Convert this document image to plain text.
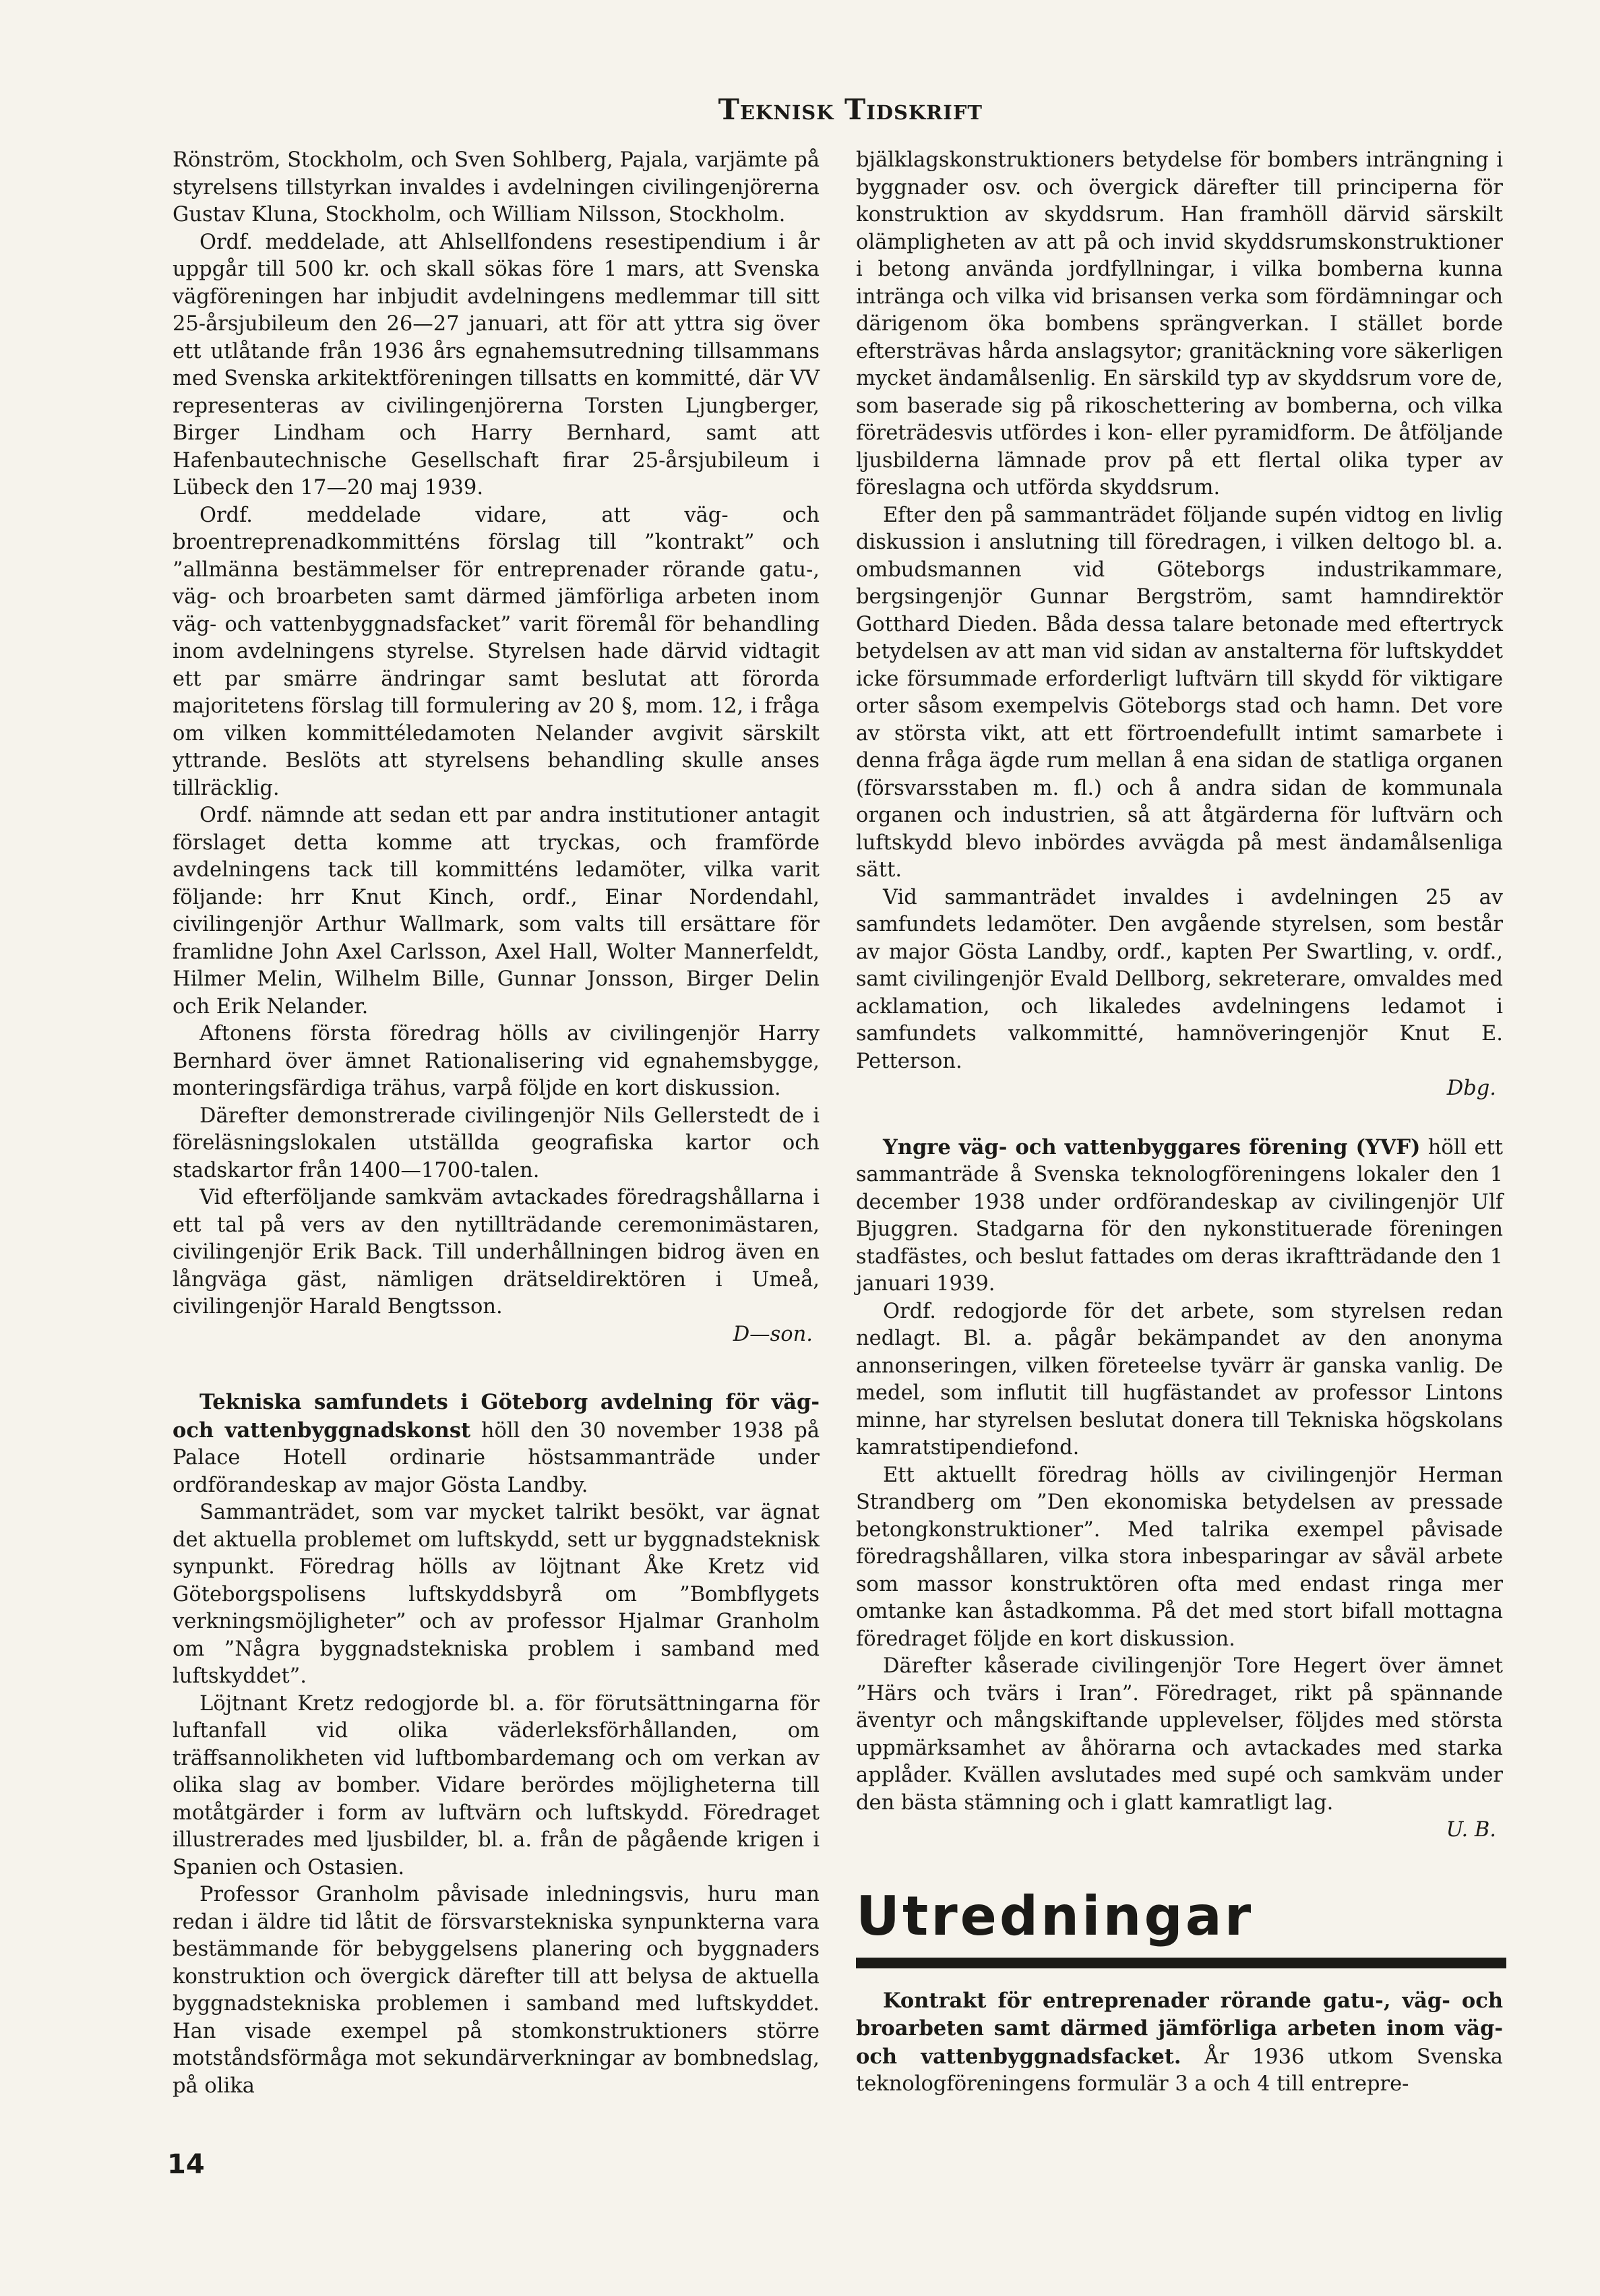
Teknisk Tidskrift

Rönström, Stockholm, och Sven Sohlberg, Pajala, varjämte på styrelsens tillstyrkan invaldes i avdelningen civilingenjörerna Gustav Kluna, Stockholm, och William Nilsson, Stockholm.

Ordf. meddelade, att Ahlsellfondens resestipendium i år uppgår till 500 kr. och skall sökas före 1 mars, att Svenska vägföreningen har inbjudit avdelningens medlemmar till sitt 25-årsjubileum den 26—27 januari, att för att yttra sig över ett utlåtande från 1936 års egnahemsutredning tillsammans med Svenska arkitektföreningen tillsatts en kommitté, där VV representeras av civilingenjörerna Torsten Ljungberger, Birger Lindham och Harry Bernhard, samt att Hafenbautechnische Gesellschaft firar 25-årsjubileum i Lübeck den 17—20 maj 1939.

Ordf. meddelade vidare, att väg- och broentreprenadkommitténs förslag till ”kontrakt” och ”allmänna bestämmelser för entreprenader rörande gatu-, väg- och broarbeten samt därmed jämförliga arbeten inom väg- och vattenbyggnadsfacket” varit föremål för behandling inom avdelningens styrelse. Styrelsen hade därvid vidtagit ett par smärre ändringar samt beslutat att förorda majoritetens förslag till formulering av 20 §, mom. 12, i fråga om vilken kommittéledamoten Nelander avgivit särskilt yttrande. Beslöts att styrelsens behandling skulle anses tillräcklig.

Ordf. nämnde att sedan ett par andra institutioner antagit förslaget detta komme att tryckas, och framförde avdelningens tack till kommitténs ledamöter, vilka varit följande: hrr Knut Kinch, ordf., Einar Nordendahl, civilingenjör Arthur Wallmark, som valts till ersättare för framlidne John Axel Carlsson, Axel Hall, Wolter Mannerfeldt, Hilmer Melin, Wilhelm Bille, Gunnar Jonsson, Birger Delin och Erik Nelander.

Aftonens första föredrag hölls av civilingenjör Harry Bernhard över ämnet Rationalisering vid egnahemsbygge, monteringsfärdiga trähus, varpå följde en kort diskussion.

Därefter demonstrerade civilingenjör Nils Gellerstedt de i föreläsningslokalen utställda geografiska kartor och stadskartor från 1400—1700-talen.

Vid efterföljande samkväm avtackades föredragshållarna i ett tal på vers av den nytillträdande ceremonimästaren, civilingenjör Erik Back. Till underhållningen bidrog även en långväga gäst, nämligen drätseldirektören i Umeå, civilingenjör Harald Bengtsson.

D—son.

Tekniska samfundets i Göteborg avdelning för väg- och vattenbyggnadskonst höll den 30 november 1938 på Palace Hotell ordinarie höstsammanträde under ordförandeskap av major Gösta Landby.

Sammanträdet, som var mycket talrikt besökt, var ägnat det aktuella problemet om luftskydd, sett ur byggnadsteknisk synpunkt. Föredrag hölls av löjtnant Åke Kretz vid Göteborgspolisens luftskyddsbyrå om ”Bombflygets verkningsmöjligheter” och av professor Hjalmar Granholm om ”Några byggnadstekniska problem i samband med luftskyddet”.

Löjtnant Kretz redogjorde bl. a. för förutsättningarna för luftanfall vid olika väderleksförhållanden, om träffsannolikheten vid luftbombardemang och om verkan av olika slag av bomber. Vidare berördes möjligheterna till motåtgärder i form av luftvärn och luftskydd. Föredraget illustrerades med ljusbilder, bl. a. från de pågående krigen i Spanien och Ostasien.

Professor Granholm påvisade inledningsvis, huru man redan i äldre tid låtit de försvarstekniska synpunkterna vara bestämmande för bebyggelsens planering och byggnaders konstruktion och övergick därefter till att belysa de aktuella byggnadstekniska problemen i samband med luftskyddet. Han visade exempel på stomkonstruktioners större motståndsförmåga mot sekundärverkningar av bombnedslag, på olika

bjälklagskonstruktioners betydelse för bombers inträngning i byggnader osv. och övergick därefter till principerna för konstruktion av skyddsrum. Han framhöll därvid särskilt olämpligheten av att på och invid skyddsrumskonstruktioner i betong använda jordfyllningar, i vilka bomberna kunna intränga och vilka vid brisansen verka som fördämningar och därigenom öka bombens sprängverkan. I stället borde eftersträvas hårda anslagsytor; granitäckning vore säkerligen mycket ändamålsenlig. En särskild typ av skyddsrum vore de, som baserade sig på rikoschettering av bomberna, och vilka företrädesvis utfördes i kon- eller pyramidform. De åtföljande ljusbilderna lämnade prov på ett flertal olika typer av föreslagna och utförda skyddsrum.

Efter den på sammanträdet följande supén vidtog en livlig diskussion i anslutning till föredragen, i vilken deltogo bl. a. ombudsmannen vid Göteborgs industrikammare, bergsingenjör Gunnar Bergström, samt hamndirektör Gotthard Dieden. Båda dessa talare betonade med eftertryck betydelsen av att man vid sidan av anstalterna för luftskyddet icke försummade erforderligt luftvärn till skydd för viktigare orter såsom exempelvis Göteborgs stad och hamn. Det vore av största vikt, att ett förtroendefullt intimt samarbete i denna fråga ägde rum mellan å ena sidan de statliga organen (försvarsstaben m. fl.) och å andra sidan de kommunala organen och industrien, så att åtgärderna för luftvärn och luftskydd blevo inbördes avvägda på mest ändamålsenliga sätt.

Vid sammanträdet invaldes i avdelningen 25 av samfundets ledamöter. Den avgående styrelsen, som består av major Gösta Landby, ordf., kapten Per Swartling, v. ordf., samt civilingenjör Evald Dellborg, sekreterare, omvaldes med acklamation, och likaledes avdelningens ledamot i samfundets valkommitté, hamnöveringenjör Knut E. Petterson.

Dbg.

Yngre väg- och vattenbyggares förening (YVF) höll ett sammanträde å Svenska teknologföreningens lokaler den 1 december 1938 under ordförandeskap av civilingenjör Ulf Bjuggren. Stadgarna för den nykonstituerade föreningen stadfästes, och beslut fattades om deras ikraftträdande den 1 januari 1939.

Ordf. redogjorde för det arbete, som styrelsen redan nedlagt. Bl. a. pågår bekämpandet av den anonyma annonseringen, vilken företeelse tyvärr är ganska vanlig. De medel, som influtit till hugfästandet av professor Lintons minne, har styrelsen beslutat donera till Tekniska högskolans kamratstipendiefond.

Ett aktuellt föredrag hölls av civilingenjör Herman Strandberg om ”Den ekonomiska betydelsen av pressade betongkonstruktioner”. Med talrika exempel påvisade föredragshållaren, vilka stora inbesparingar av såväl arbete som massor konstruktören ofta med endast ringa mer omtanke kan åstadkomma. På det med stort bifall mottagna föredraget följde en kort diskussion.

Därefter kåserade civilingenjör Tore Hegert över ämnet ”Härs och tvärs i Iran”. Föredraget, rikt på spännande äventyr och mångskiftande upplevelser, följdes med största uppmärksamhet av åhörarna och avtackades med starka applåder. Kvällen avslutades med supé och samkväm under den bästa stämning och i glatt kamratligt lag.

U. B.
Utredningar

Kontrakt för entreprenader rörande gatu-, väg- och broarbeten samt därmed jämförliga arbeten inom väg- och vattenbyggnadsfacket. År 1936 utkom Svenska teknologföreningens formulär 3 a och 4 till entrepre-

14
